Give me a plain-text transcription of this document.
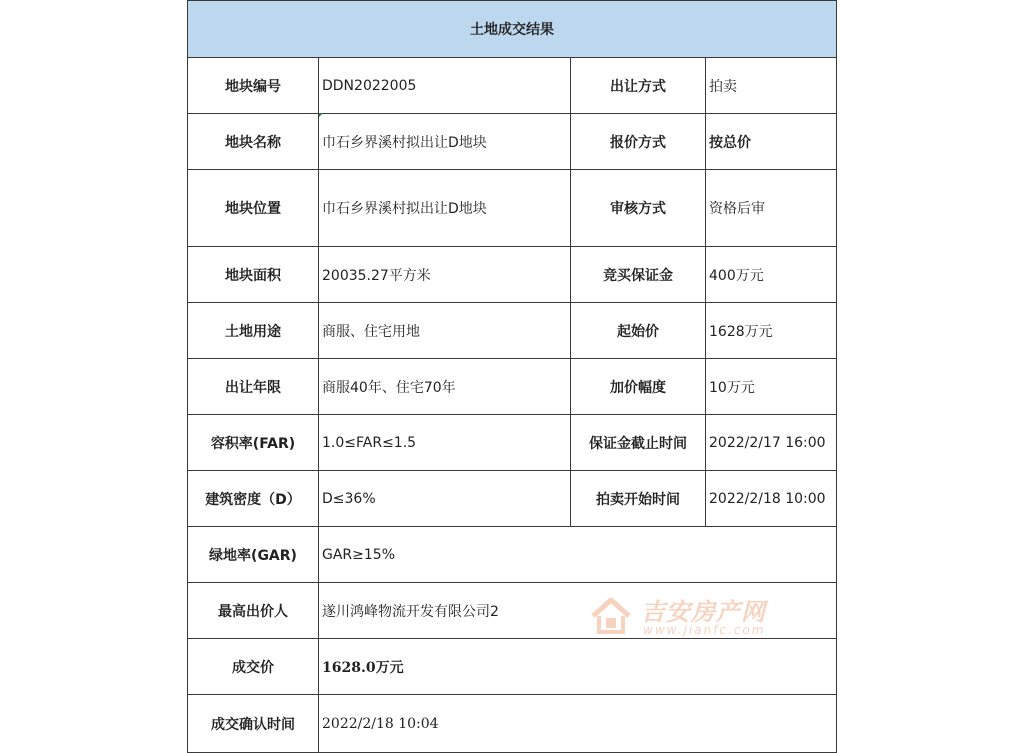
土地成交结果			
地块编号	DDN2022005	出让方式	拍卖
地块名称	巾石乡界溪村拟出让D地块	报价方式	按总价
地块位置	巾石乡界溪村拟出让D地块	审核方式	资格后审
地块面积	20035.27平方米	竞买保证金	400万元
土地用途	商服、住宅用地	起始价	1628万元
出让年限	商服40年、住宅70年	加价幅度	10万元
容积率(FAR)	1.0≤FAR≤1.5	保证金截止时间	2022/2/17 16:00
建筑密度（D）	D≤36%	拍卖开始时间	2022/2/18 10:00
绿地率(GAR)	GAR≥15%		
最高出价人	遂川鸿峰物流开发有限公司2		
成交价	1628.0万元		
成交确认时间	2022/2/18 10:04		
吉安房产网
www.jianfc.com
